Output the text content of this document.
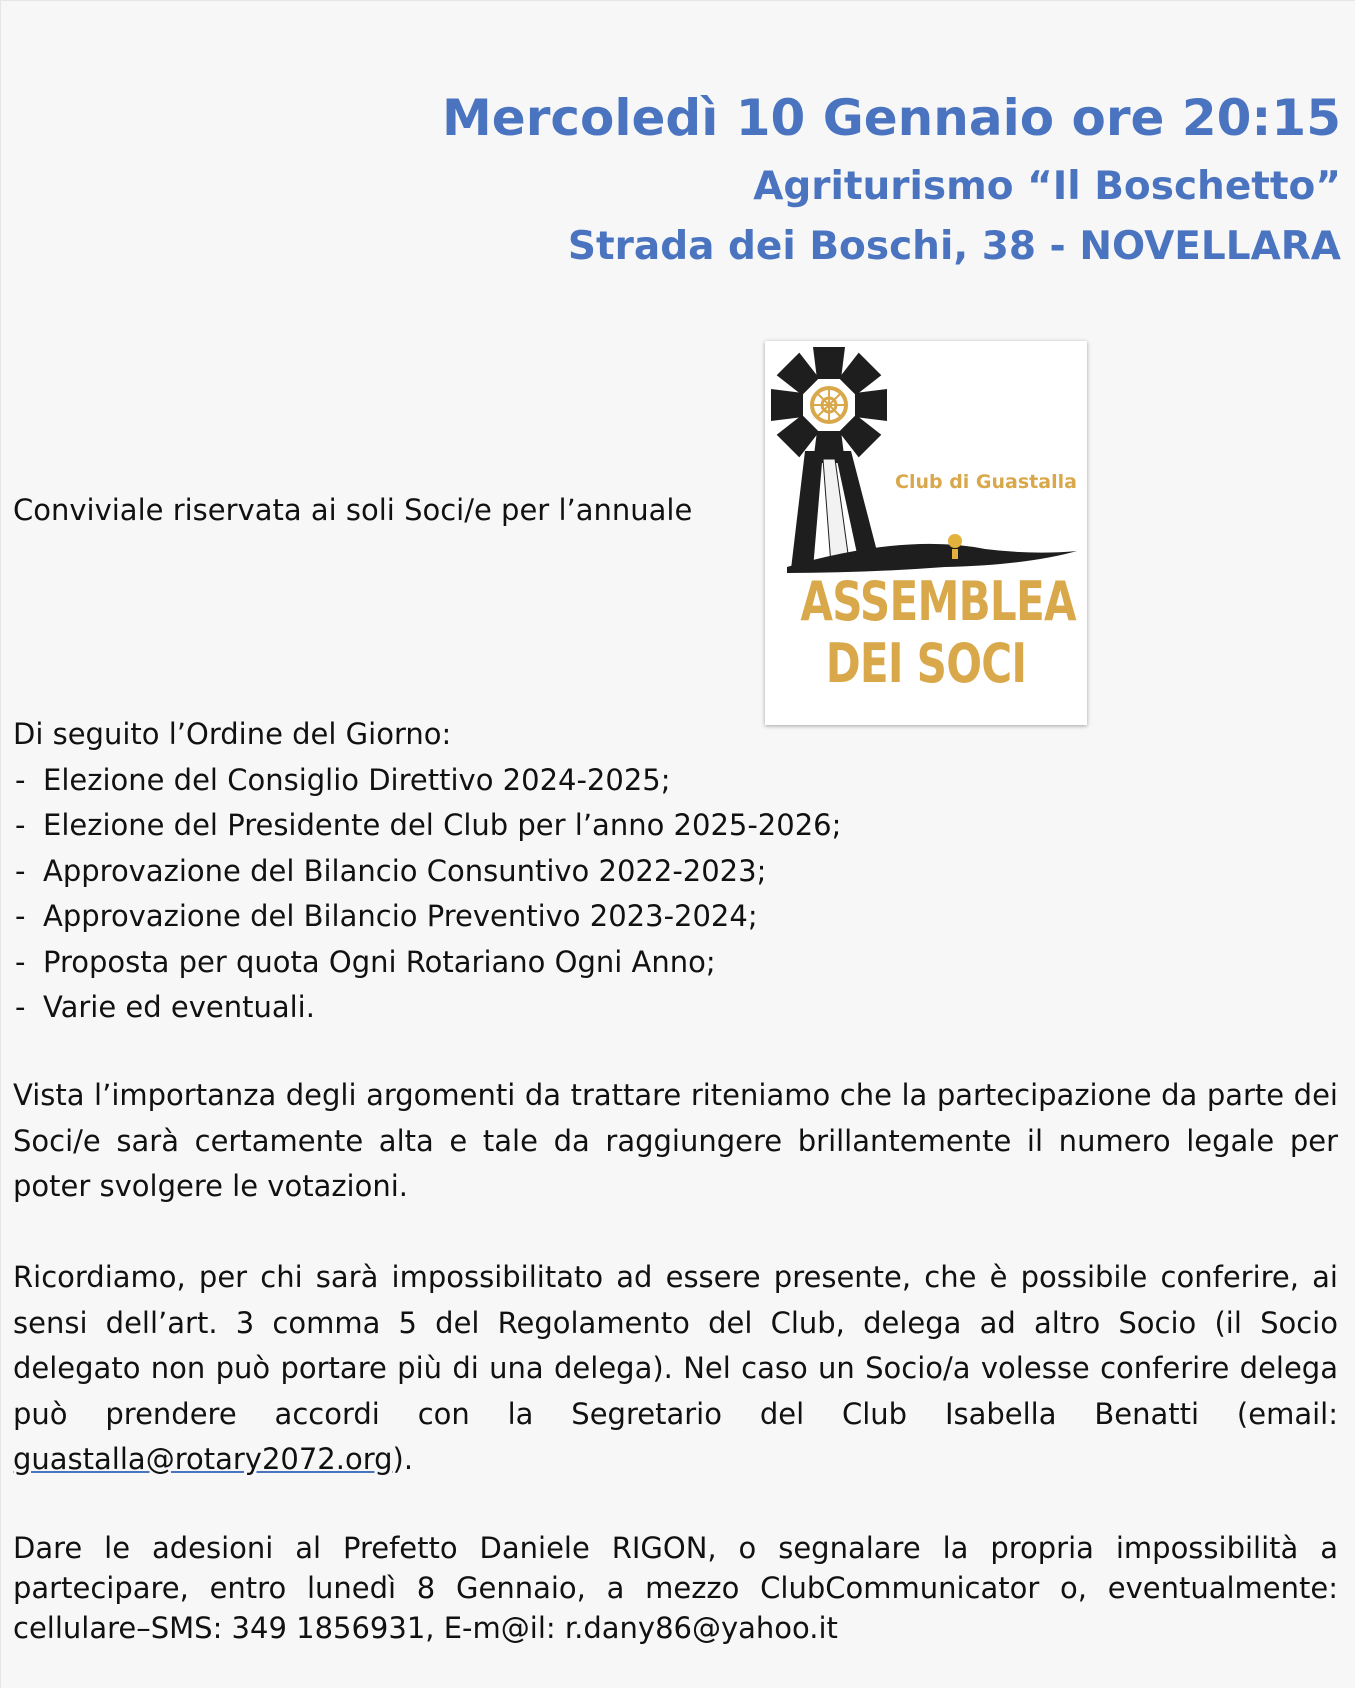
Mercoledì 10 Gennaio ore 20:15
Agriturismo “Il Boschetto”
Strada dei Boschi, 38 - NOVELLARA
Conviviale riservata ai soli Soci/e per l’annuale
Club di Guastalla
ASSEMBLEA
DEI SOCI
Di seguito l’Ordine del Giorno:
- Elezione del Consiglio Direttivo 2024-2025;
- Elezione del Presidente del Club per l’anno 2025-2026;
- Approvazione del Bilancio Consuntivo 2022-2023;
- Approvazione del Bilancio Preventivo 2023-2024;
- Proposta per quota Ogni Rotariano Ogni Anno;
- Varie ed eventuali.
Vista l’importanza degli argomenti da trattare riteniamo che la partecipazione da parte dei Soci/e sarà certamente alta e tale da raggiungere brillantemente il numero legale per poter svolgere le votazioni.
Ricordiamo, per chi sarà impossibilitato ad essere presente, che è possibile conferire, ai sensi dell’art. 3 comma 5 del Regolamento del Club, delega ad altro Socio (il Socio delegato non può portare più di una delega). Nel caso un Socio/a volesse conferire delega può prendere accordi con la Segretario del Club Isabella Benatti (email: guastalla@rotary2072.org).
Dare le adesioni al Prefetto Daniele RIGON, o segnalare la propria impossibilità a partecipare, entro lunedì 8 Gennaio, a mezzo ClubCommunicator o, eventualmente: cellulare–SMS: 349 1856931, E-m@il: r.dany86@yahoo.it
